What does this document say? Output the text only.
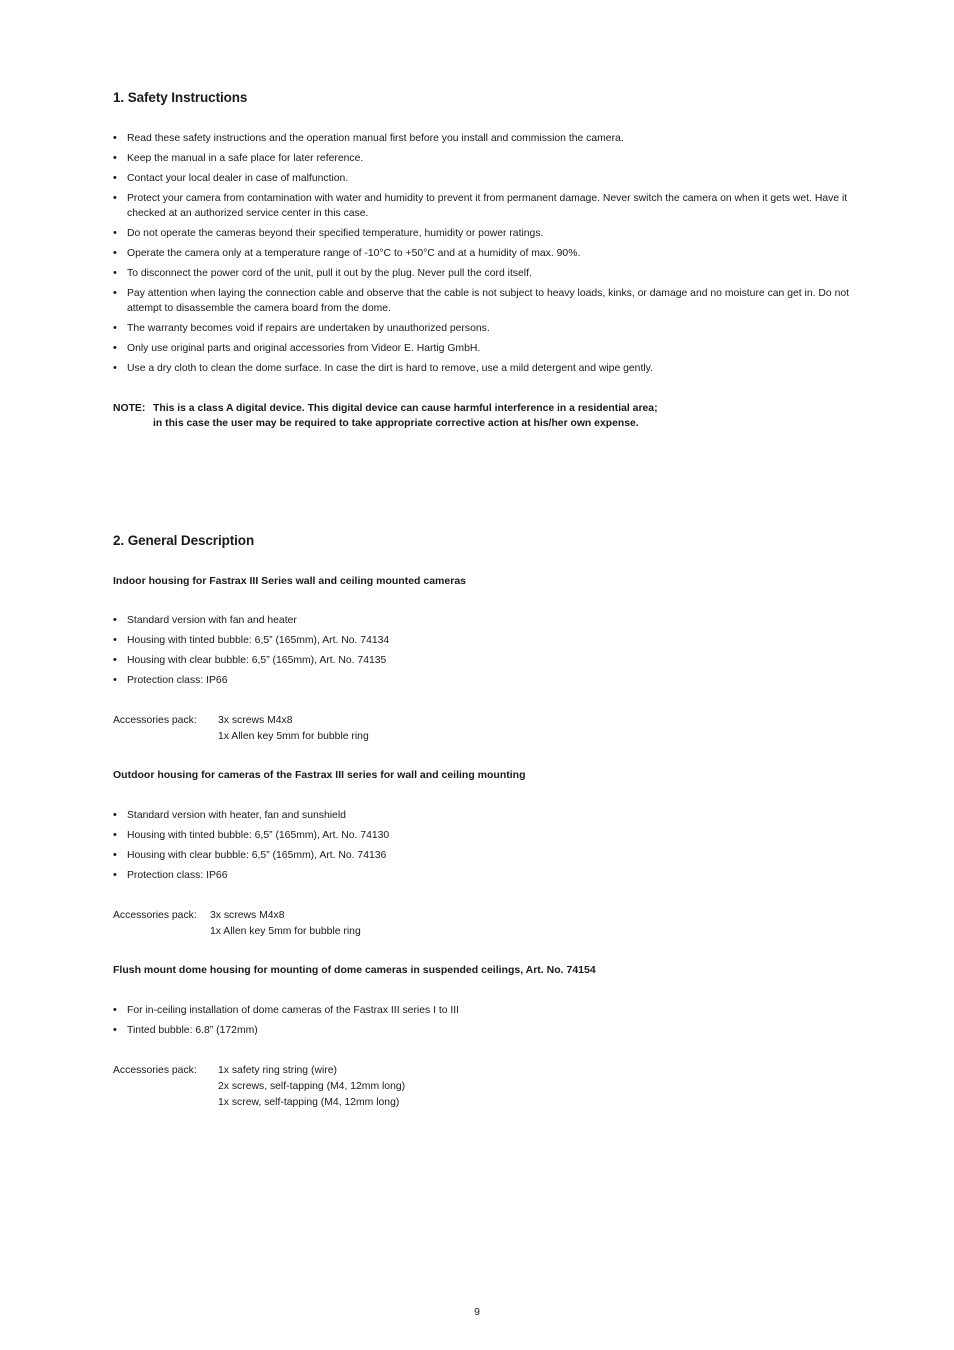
1. Safety Instructions
• Read these safety instructions and the operation manual first before you install and commission the camera.
• Keep the manual in a safe place for later reference.
• Contact your local dealer in case of malfunction.
• Protect your camera from contamination with water and humidity to prevent it from permanent damage. Never switch the camera on when it gets wet. Have it checked at an authorized service center in this case.
• Do not operate the cameras beyond their specified temperature, humidity or power ratings.
• Operate the camera only at a temperature range of -10°C to +50°C and at a humidity of max. 90%.
• To disconnect the power cord of the unit, pull it out by the plug. Never pull the cord itself.
• Pay attention when laying the connection cable and observe that the cable is not subject to heavy loads, kinks, or damage and no moisture can get in. Do not attempt to disassemble the camera board from the dome.
• The warranty becomes void if repairs are undertaken by unauthorized persons.
• Only use original parts and original accessories from Videor E. Hartig GmbH.
• Use a dry cloth to clean the dome surface. In case the dirt is hard to remove, use a mild detergent and wipe gently.
NOTE: This is a class A digital device. This digital device can cause harmful interference in a residential area;
in this case the user may be required to take appropriate corrective action at his/her own expense.
2. General Description

Indoor housing for Fastrax III Series wall and ceiling mounted cameras

• Standard version with fan and heater
• Housing with tinted bubble: 6,5” (165mm), Art. No. 74134
• Housing with clear bubble: 6,5” (165mm), Art. No. 74135
• Protection class: IP66
Accessories pack:	3x screws M4x8
1x Allen key 5mm for bubble ring

Outdoor housing for cameras of the Fastrax III series for wall and ceiling mounting

• Standard version with heater, fan and sunshield
• Housing with tinted bubble: 6,5” (165mm), Art. No. 74130
• Housing with clear bubble: 6,5” (165mm), Art. No. 74136
• Protection class: IP66
Accessories pack:	3x screws M4x8
1x Allen key 5mm for bubble ring

Flush mount dome housing for mounting of dome cameras in suspended ceilings, Art. No. 74154

• For in-ceiling installation of dome cameras of the Fastrax III series I to III
• Tinted bubble: 6.8” (172mm)
Accessories pack:	1x safety ring string (wire)
2x screws, self-tapping (M4, 12mm long)
1x screw, self-tapping (M4, 12mm long)
9
